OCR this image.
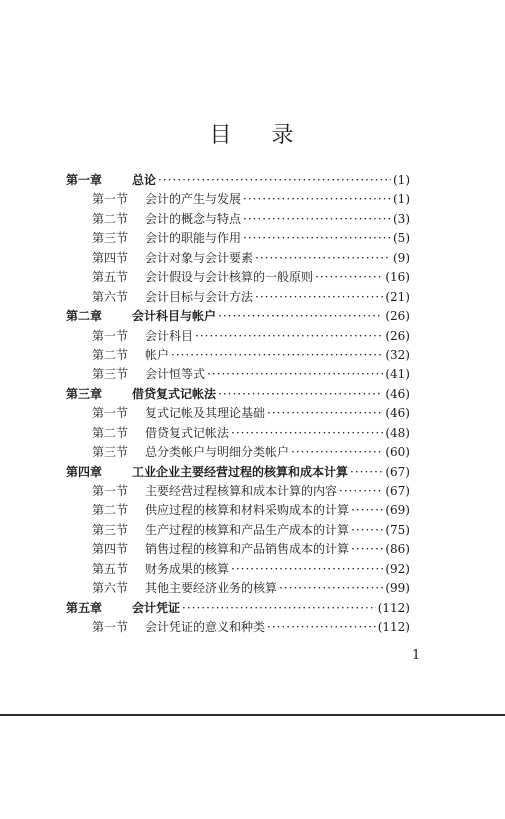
目 录
第一章 总论 ·····	(1)
第一节 会计的产生与发展 ·····	(1)
第二节 会计的概念与特点 ·····	(3)
第三节 会计的职能与作用 ·····	(5)
第四节 会计对象与会计要素 ·····	(9)
第五节 会计假设与会计核算的一般原则 ·····	(16)
第六节 会计目标与会计方法 ·····	(21)
第二章 会计科目与帐户 ·····	(26)
第一节 会计科目 ·····	(26)
第二节 帐户 ·····	(32)
第三节 会计恒等式 ·····	(41)
第三章 借贷复式记帐法 ·····	(46)
第一节 复式记帐及其理论基础 ·····	(46)
第二节 借贷复式记帐法 ·····	(48)
第三节 总分类帐户与明细分类帐户 ·····	(60)
第四章 工业企业主要经营过程的核算和成本计算 ·····	(67)
第一节 主要经营过程核算和成本计算的内容 ·····	(67)
第二节 供应过程的核算和材料采购成本的计算 ·····	(69)
第三节 生产过程的核算和产品生产成本的计算 ·····	(75)
第四节 销售过程的核算和产品销售成本的计算 ·····	(86)
第五节 财务成果的核算 ·····	(92)
第六节 其他主要经济业务的核算 ·····	(99)
第五章 会计凭证 ·····	(112)
第一节 会计凭证的意义和种类 ·····	(112)
1
